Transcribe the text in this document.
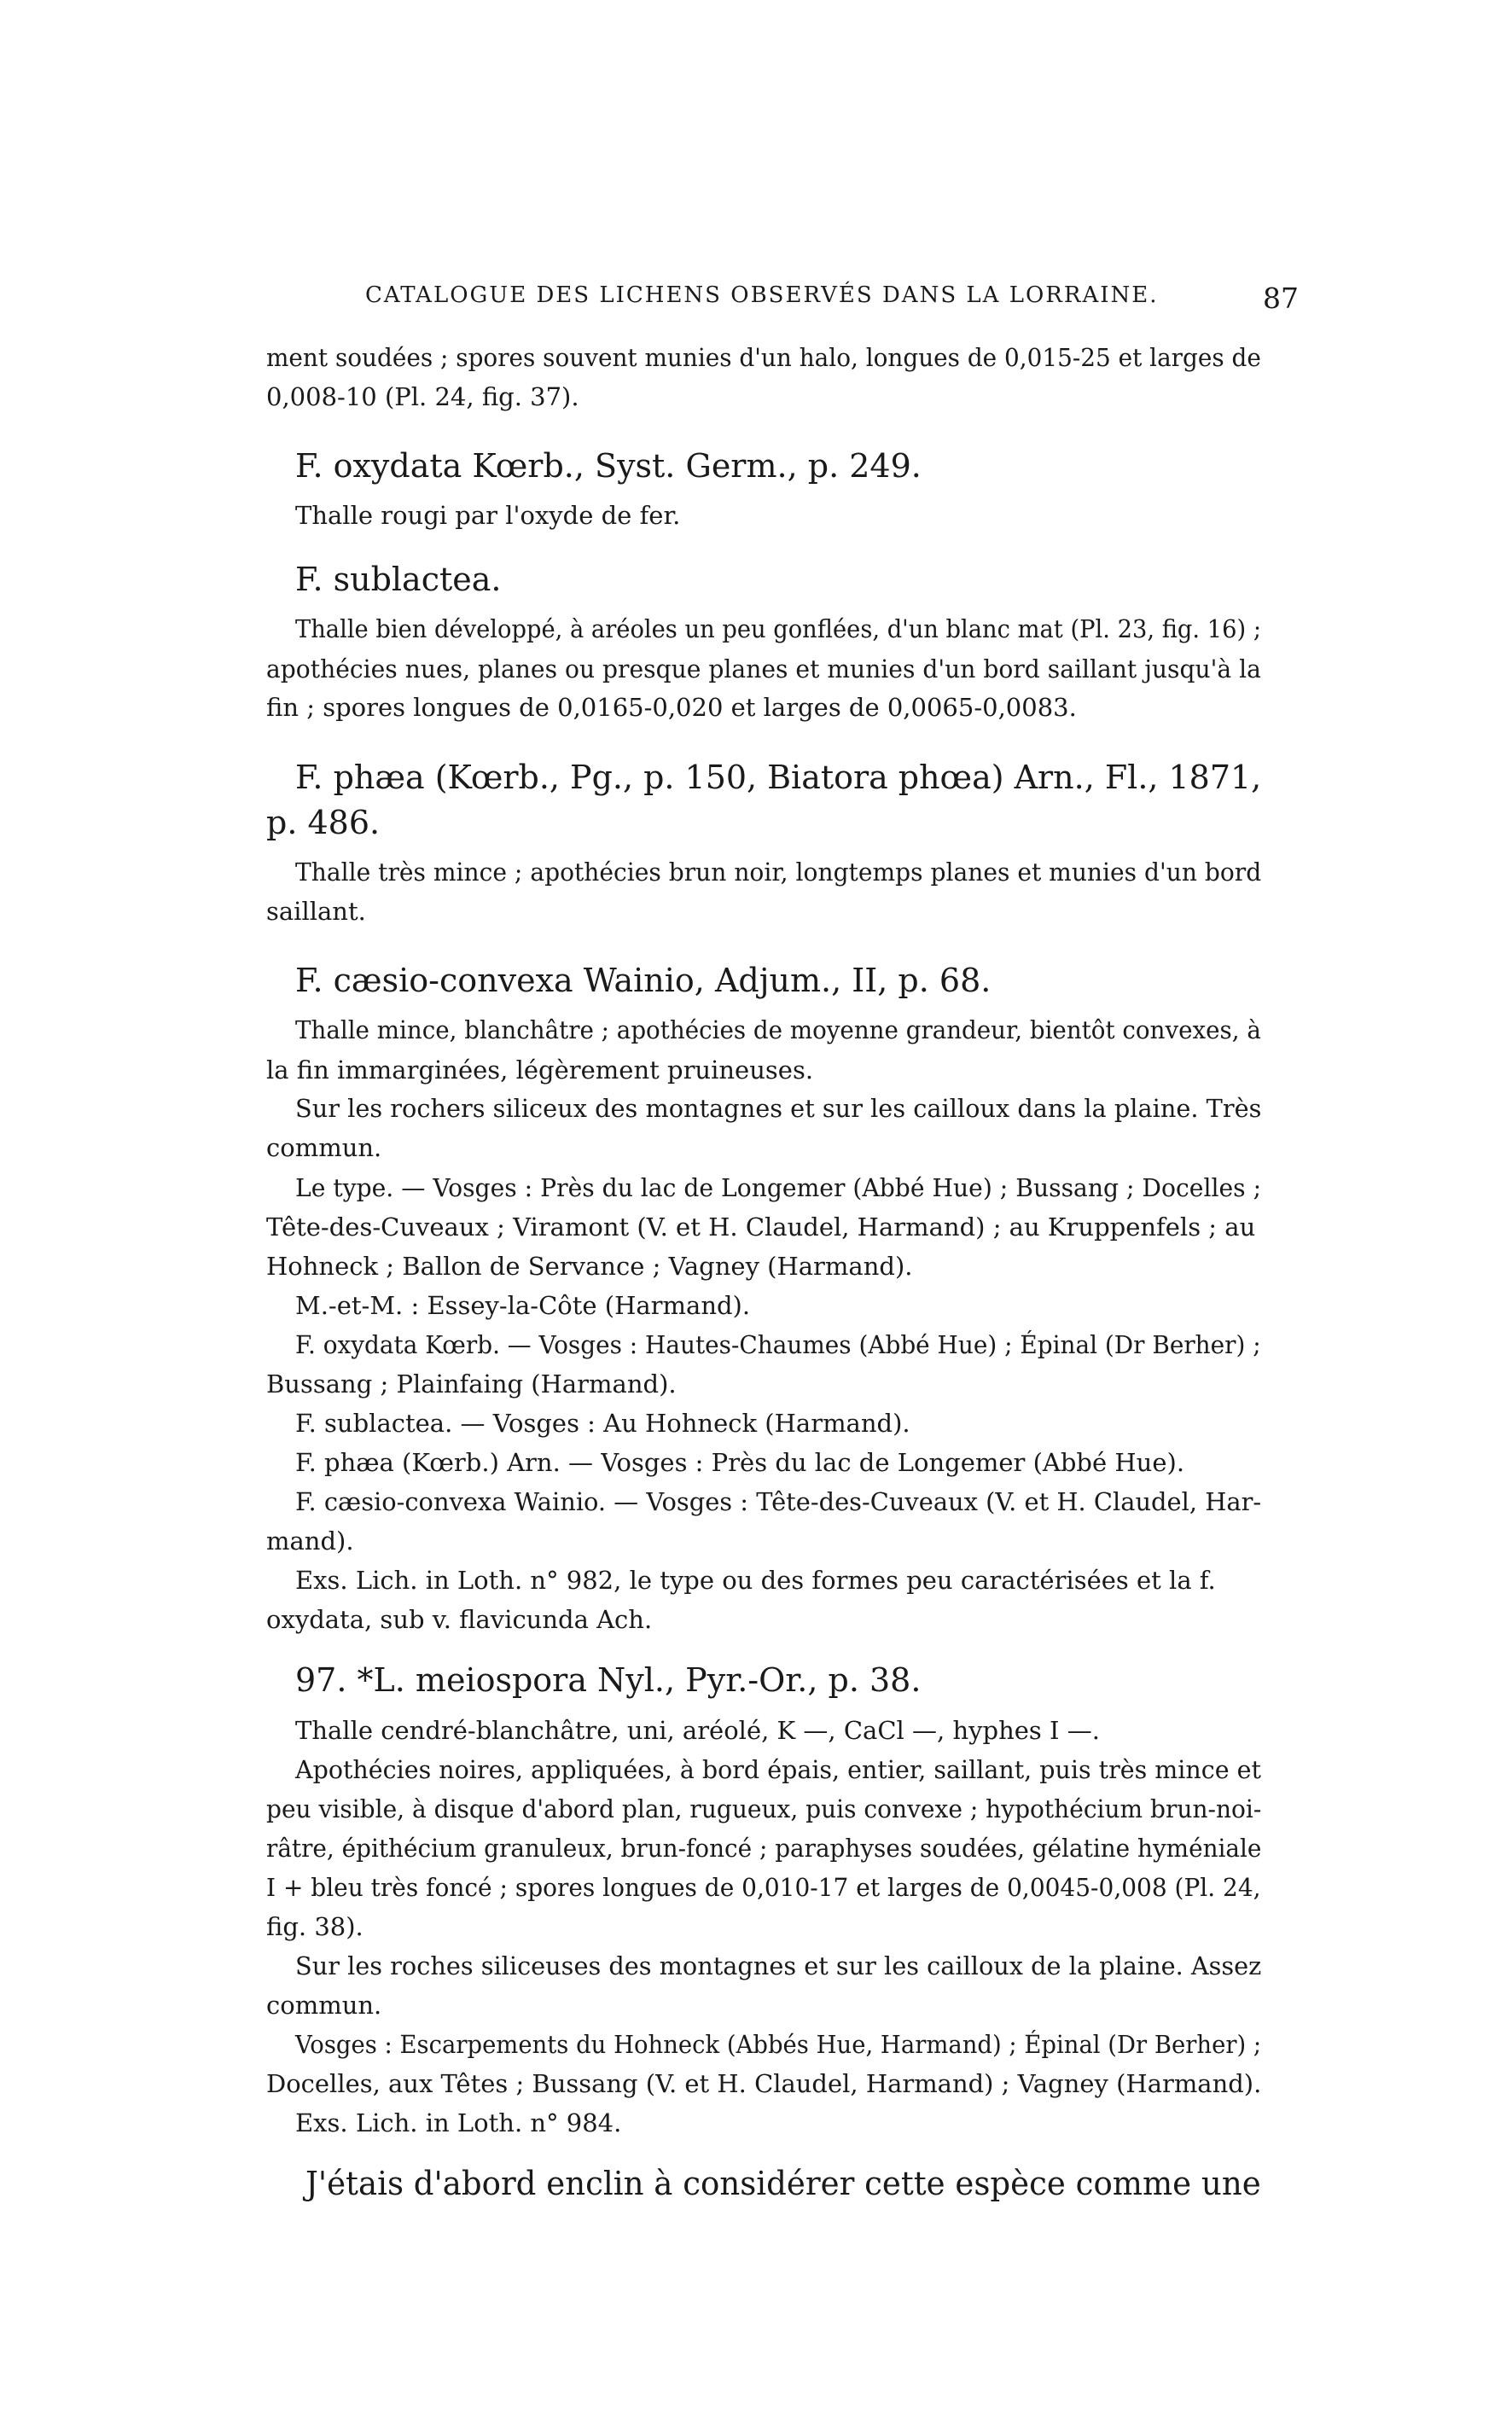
CATALOGUE DES LICHENS OBSERVÉS DANS LA LORRAINE.	87
ment soudées ; spores souvent munies d'un halo, longues de 0,015-25 et larges de
0,008-10 (Pl. 24, fig. 37).
F. oxydata Kœrb., Syst. Germ., p. 249.
Thalle rougi par l'oxyde de fer.
F. sublactea.
Thalle bien développé, à aréoles un peu gonflées, d'un blanc mat (Pl. 23, fig. 16) ;
apothécies nues, planes ou presque planes et munies d'un bord saillant jusqu'à la
fin ; spores longues de 0,0165-0,020 et larges de 0,0065-0,0083.
F. phæa (Kœrb., Pg., p. 150, Biatora phœa) Arn., Fl., 1871,
p. 486.
Thalle très mince ; apothécies brun noir, longtemps planes et munies d'un bord
saillant.
F. cæsio-convexa Wainio, Adjum., II, p. 68.
Thalle mince, blanchâtre ; apothécies de moyenne grandeur, bientôt convexes, à
la fin immarginées, légèrement pruineuses.
Sur les rochers siliceux des montagnes et sur les cailloux dans la plaine. Très
commun.
Le type. — Vosges : Près du lac de Longemer (Abbé Hue) ; Bussang ; Docelles ;
Tête-des-Cuveaux ; Viramont (V. et H. Claudel, Harmand) ; au Kruppenfels ; au
Hohneck ; Ballon de Servance ; Vagney (Harmand).
M.-et-M. : Essey-la-Côte (Harmand).
F. oxydata Kœrb. — Vosges : Hautes-Chaumes (Abbé Hue) ; Épinal (Dr Berher) ;
Bussang ; Plainfaing (Harmand).
F. sublactea. — Vosges : Au Hohneck (Harmand).
F. phæa (Kœrb.) Arn. — Vosges : Près du lac de Longemer (Abbé Hue).
F. cæsio-convexa Wainio. — Vosges : Tête-des-Cuveaux (V. et H. Claudel, Har-
mand).
Exs. Lich. in Loth. n° 982, le type ou des formes peu caractérisées et la f.
oxydata, sub v. flavicunda Ach.
97. *L. meiospora Nyl., Pyr.-Or., p. 38.
Thalle cendré-blanchâtre, uni, aréolé, K —, CaCl —, hyphes I —.
Apothécies noires, appliquées, à bord épais, entier, saillant, puis très mince et
peu visible, à disque d'abord plan, rugueux, puis convexe ; hypothécium brun-noi-
râtre, épithécium granuleux, brun-foncé ; paraphyses soudées, gélatine hyméniale
I + bleu très foncé ; spores longues de 0,010-17 et larges de 0,0045-0,008 (Pl. 24,
fig. 38).
Sur les roches siliceuses des montagnes et sur les cailloux de la plaine. Assez
commun.
Vosges : Escarpements du Hohneck (Abbés Hue, Harmand) ; Épinal (Dr Berher) ;
Docelles, aux Têtes ; Bussang (V. et H. Claudel, Harmand) ; Vagney (Harmand).
Exs. Lich. in Loth. n° 984.
J'étais d'abord enclin à considérer cette espèce comme une
